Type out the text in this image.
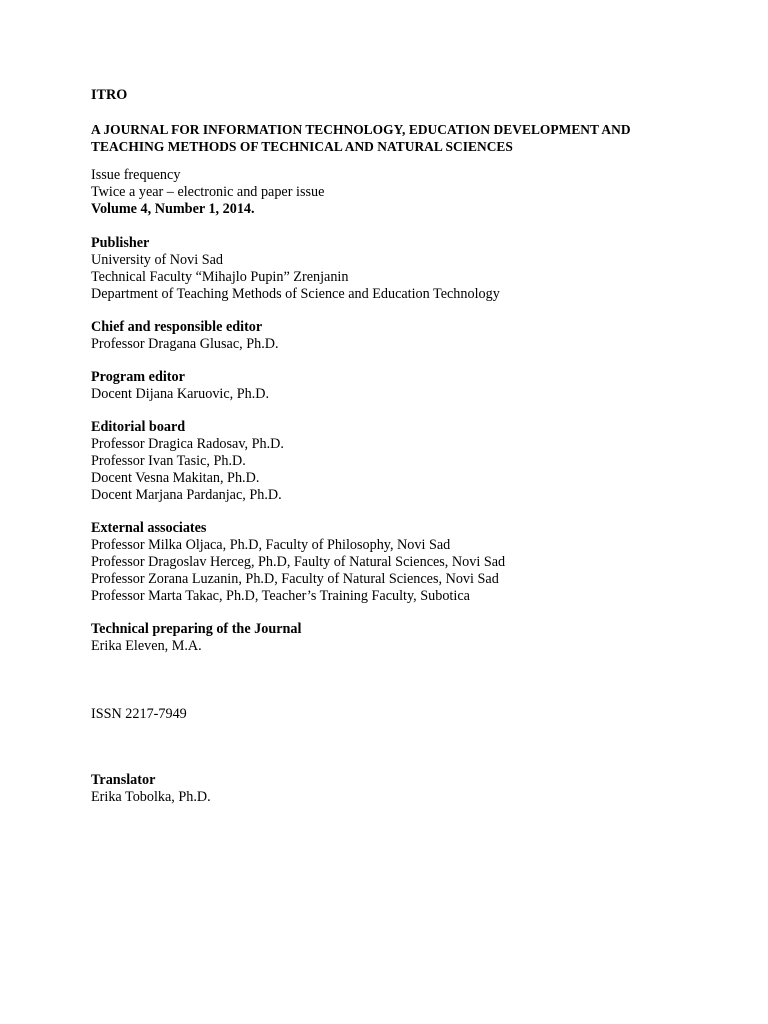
ITRO
A JOURNAL FOR INFORMATION TECHNOLOGY, EDUCATION DEVELOPMENT AND
TEACHING METHODS OF TECHNICAL AND NATURAL SCIENCES
Issue frequency
Twice a year – electronic and paper issue
Volume 4, Number 1, 2014.
Publisher
University of Novi Sad
Technical Faculty “Mihajlo Pupin” Zrenjanin
Department of Teaching Methods of Science and Education Technology
Chief and responsible editor
Professor Dragana Glusac, Ph.D.
Program editor
Docent Dijana Karuovic, Ph.D.
Editorial board
Professor Dragica Radosav, Ph.D.
Professor Ivan Tasic, Ph.D.
Docent Vesna Makitan, Ph.D.
Docent Marjana Pardanjac, Ph.D.
External associates
Professor Milka Oljaca, Ph.D, Faculty of Philosophy, Novi Sad
Professor Dragoslav Herceg, Ph.D, Faulty of Natural Sciences, Novi Sad
Professor Zorana Luzanin, Ph.D, Faculty of Natural Sciences, Novi Sad
Professor Marta Takac, Ph.D, Teacher’s Training Faculty, Subotica
Technical preparing of the Journal
Erika Eleven, M.A.
ISSN 2217-7949
Translator
Erika Tobolka, Ph.D.
